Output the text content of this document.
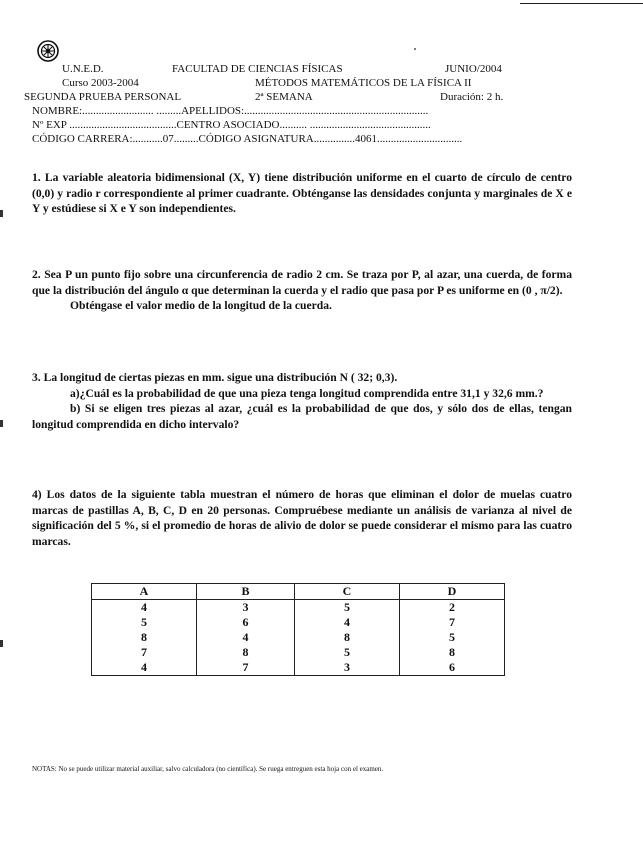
U.N.E.D.	FACULTAD DE CIENCIAS FÍSICAS	JUNIO/2004
Curso 2003-2004	MÉTODOS MATEMÁTICOS DE LA FÍSICA II
SEGUNDA PRUEBA PERSONAL	2ª SEMANA	Duración: 2 h.
NOMBRE:.......................... .........APELLIDOS:...................................................................
Nº EXP .......................................CENTRO ASOCIADO.......... ............................................
CÓDIGO CARRERA:...........07.........CÓDIGO ASIGNATURA...............4061...............................

1. La variable aleatoria bidimensional (X, Y) tiene distribución uniforme en el cuarto de círculo de centro (0,0) y radio r correspondiente al primer cuadrante. Obténganse las densidades conjunta y marginales de X e Y y estúdiese si X e Y son independientes.

2. Sea P un punto fijo sobre una circunferencia de radio 2 cm. Se traza por P, al azar, una cuerda, de forma que la distribución del ángulo α que determinan la cuerda y el radio que pasa por P es uniforme en (0 , π/2).

Obténgase el valor medio de la longitud de la cuerda.

3. La longitud de ciertas piezas en mm. sigue una distribución N ( 32; 0,3).

a)¿Cuál es la probabilidad de que una pieza tenga longitud comprendida entre 31,1 y 32,6 mm.?

b) Si se eligen tres piezas al azar, ¿cuál es la probabilidad de que dos, y sólo dos de ellas, tengan longitud comprendida en dicho intervalo?

4) Los datos de la siguiente tabla muestran el número de horas que eliminan el dolor de muelas cuatro marcas de pastillas A, B, C, D en 20 personas. Compruébese mediante un análisis de varianza al nivel de significación del 5 %, si el promedio de horas de alivio de dolor se puede considerar el mismo para las cuatro marcas.

A	B	C	D
4	3	5	2
5	6	4	7
8	4	8	5
7	8	5	8
4	7	3	6
NOTAS: No se puede utilizar material auxiliar, salvo calculadora (no científica). Se ruega entreguen esta hoja con el examen.
